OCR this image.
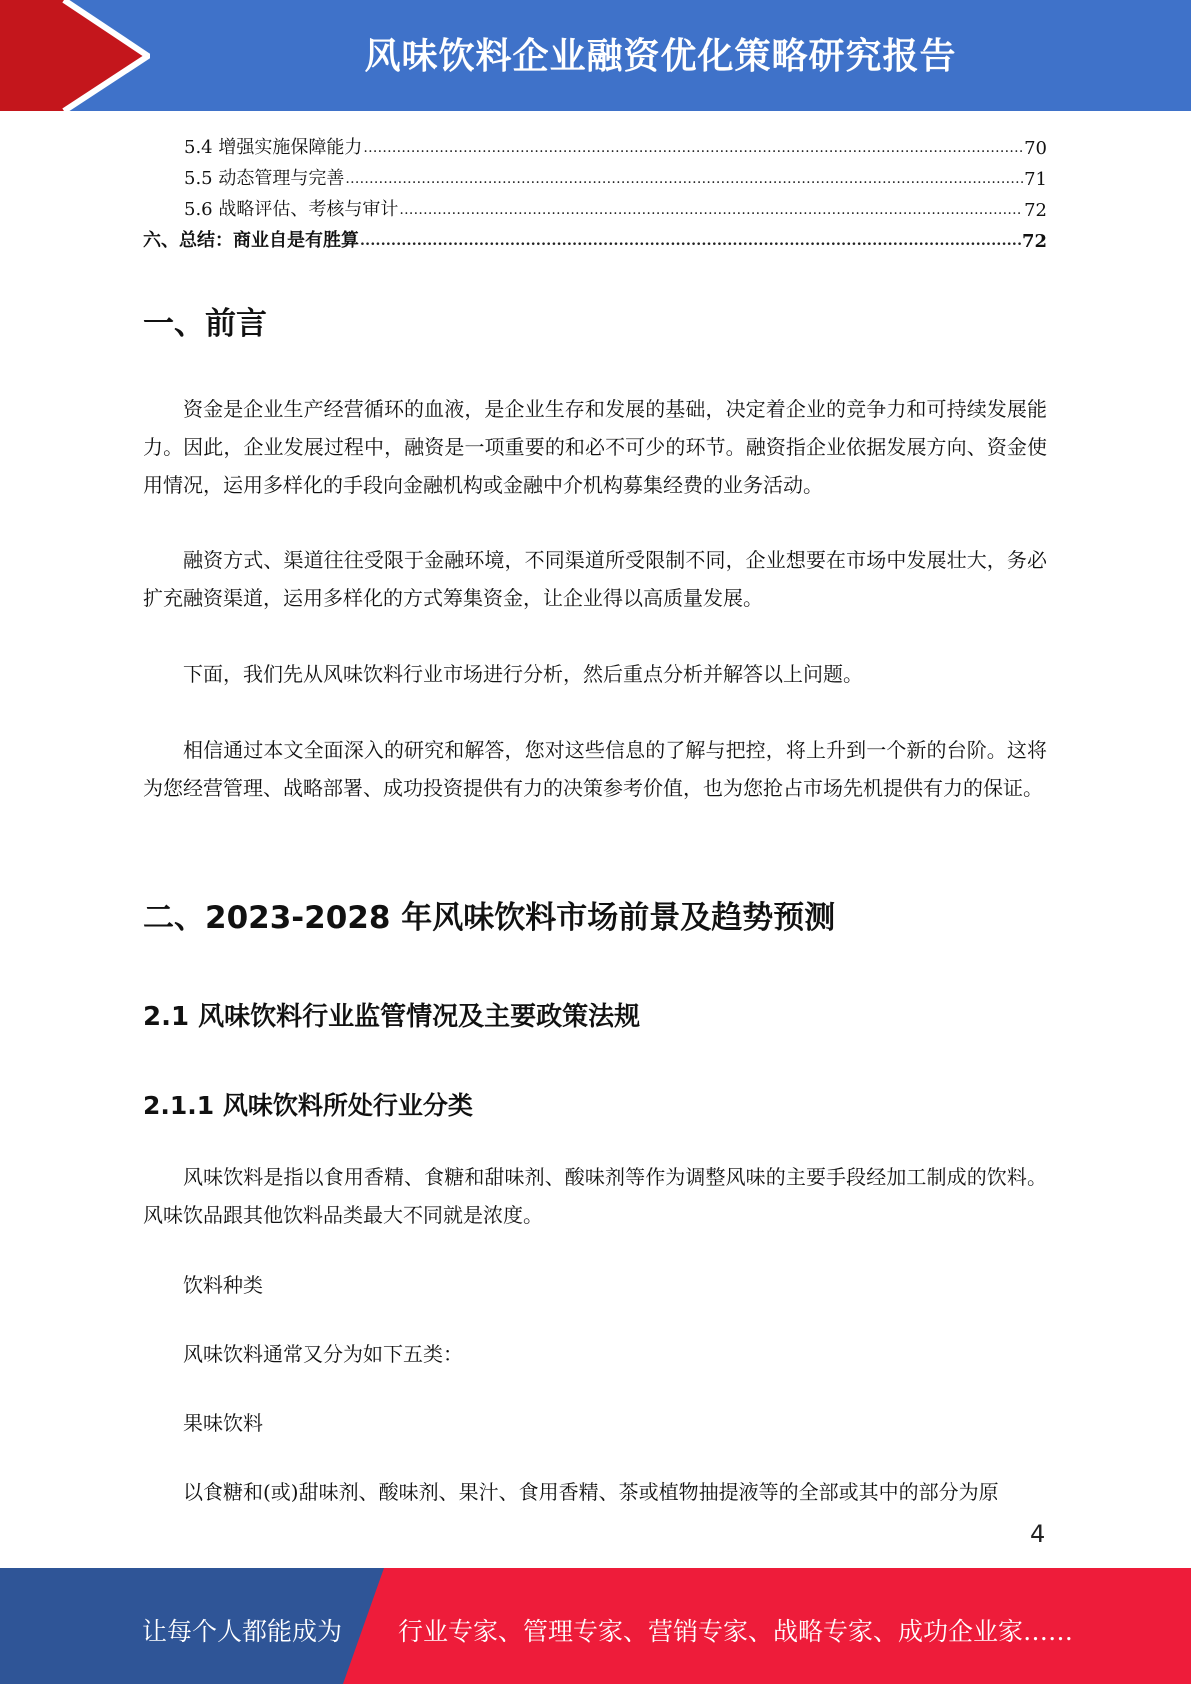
风味饮料企业融资优化策略研究报告
5.4 增强实施保障能力 .....	70
5.5 动态管理与完善 .....	71
5.6 战略评估、考核与审计 .....	72
六、总结：商业自是有胜算 .....	72
一、前言

资金是企业生产经营循环的血液，是企业生存和发展的基础，决定着企业的竞争力和可持续发展能力。因此，企业发展过程中，融资是一项重要的和必不可少的环节。融资指企业依据发展方向、资金使用情况，运用多样化的手段向金融机构或金融中介机构募集经费的业务活动。

融资方式、渠道往往受限于金融环境，不同渠道所受限制不同，企业想要在市场中发展壮大，务必扩充融资渠道，运用多样化的方式筹集资金，让企业得以高质量发展。

下面，我们先从风味饮料行业市场进行分析，然后重点分析并解答以上问题。

相信通过本文全面深入的研究和解答，您对这些信息的了解与把控，将上升到一个新的台阶。这将为您经营管理、战略部署、成功投资提供有力的决策参考价值，也为您抢占市场先机提供有力的保证。

二、2023-2028 年风味饮料市场前景及趋势预测
2.1 风味饮料行业监管情况及主要政策法规
2.1.1 风味饮料所处行业分类

风味饮料是指以食用香精、食糖和甜味剂、酸味剂等作为调整风味的主要手段经加工制成的饮料。风味饮品跟其他饮料品类最大不同就是浓度。

饮料种类

风味饮料通常又分为如下五类：

果味饮料

以食糖和(或)甜味剂、酸味剂、果汁、食用香精、茶或植物抽提液等的全部或其中的部分为原

4
让每个人都能成为 行业专家、管理专家、营销专家、战略专家、成功企业家……
